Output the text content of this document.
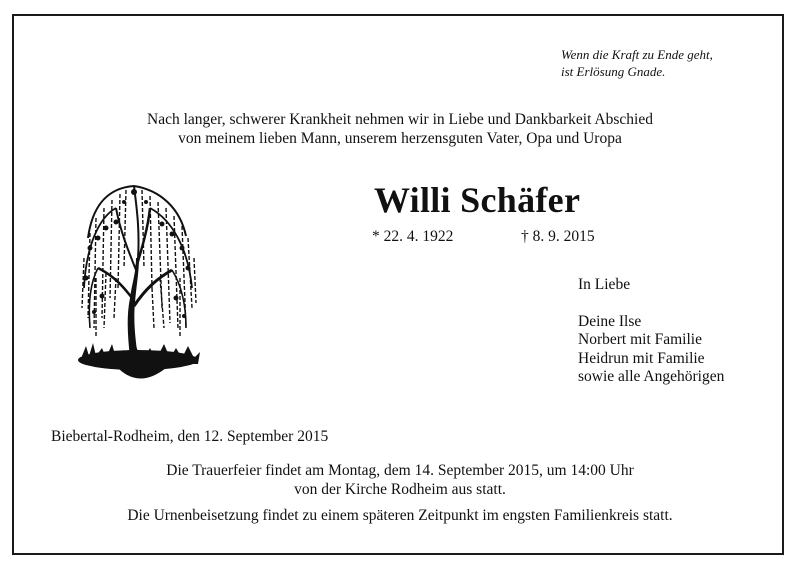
Wenn die Kraft zu Ende geht,
ist Erlösung Gnade.
Nach langer, schwerer Krankheit nehmen wir in Liebe und Dankbarkeit Abschied
von meinem lieben Mann, unserem herzensguten Vater, Opa und Uropa
Willi Schäfer
* 22. 4. 1922	† 8. 9. 2015
In Liebe
Deine Ilse
Norbert mit Familie
Heidrun mit Familie
sowie alle Angehörigen
Biebertal-Rodheim, den 12. September 2015
Die Trauerfeier findet am Montag, dem 14. September 2015, um 14:00 Uhr
von der Kirche Rodheim aus statt.
Die Urnenbeisetzung findet zu einem späteren Zeitpunkt im engsten Familienkreis statt.
